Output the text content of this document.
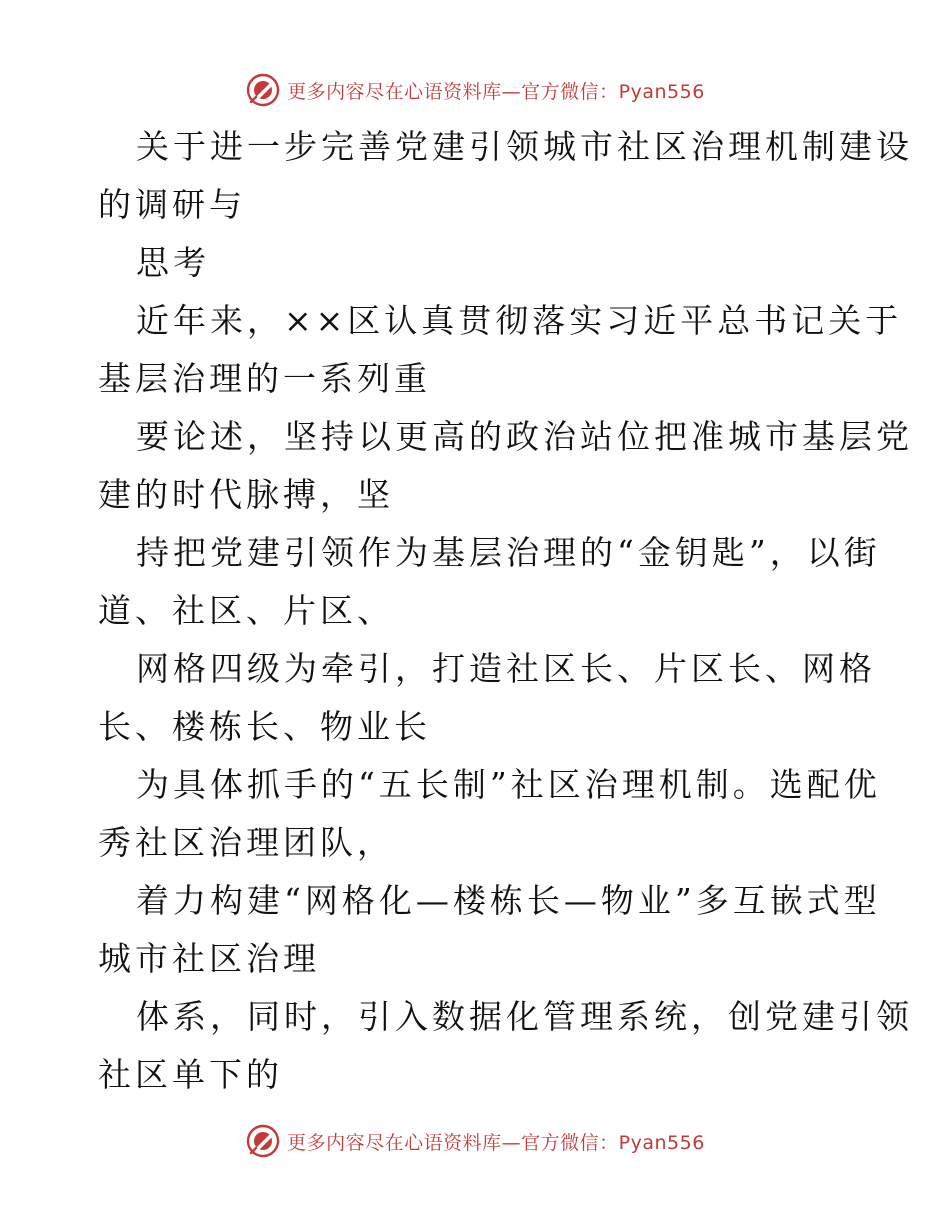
更多内容尽在心语资料库—官方微信：Pyan556

关于进一步完善党建引领城市社区治理机制建设
的调研与

思考

近年来，××区认真贯彻落实习近平总书记关于
基层治理的一系列重

要论述，坚持以更高的政治站位把准城市基层党
建的时代脉搏，坚

持把党建引领作为基层治理的“金钥匙”，以街
道、社区、片区、

网格四级为牵引，打造社区长、片区长、网格
长、楼栋长、物业长

为具体抓手的“五长制”社区治理机制。选配优
秀社区治理团队，

着力构建“网格化—楼栋长—物业”多互嵌式型
城市社区治理

体系，同时，引入数据化管理系统，创党建引领
社区单下的

更多内容尽在心语资料库—官方微信：Pyan556
